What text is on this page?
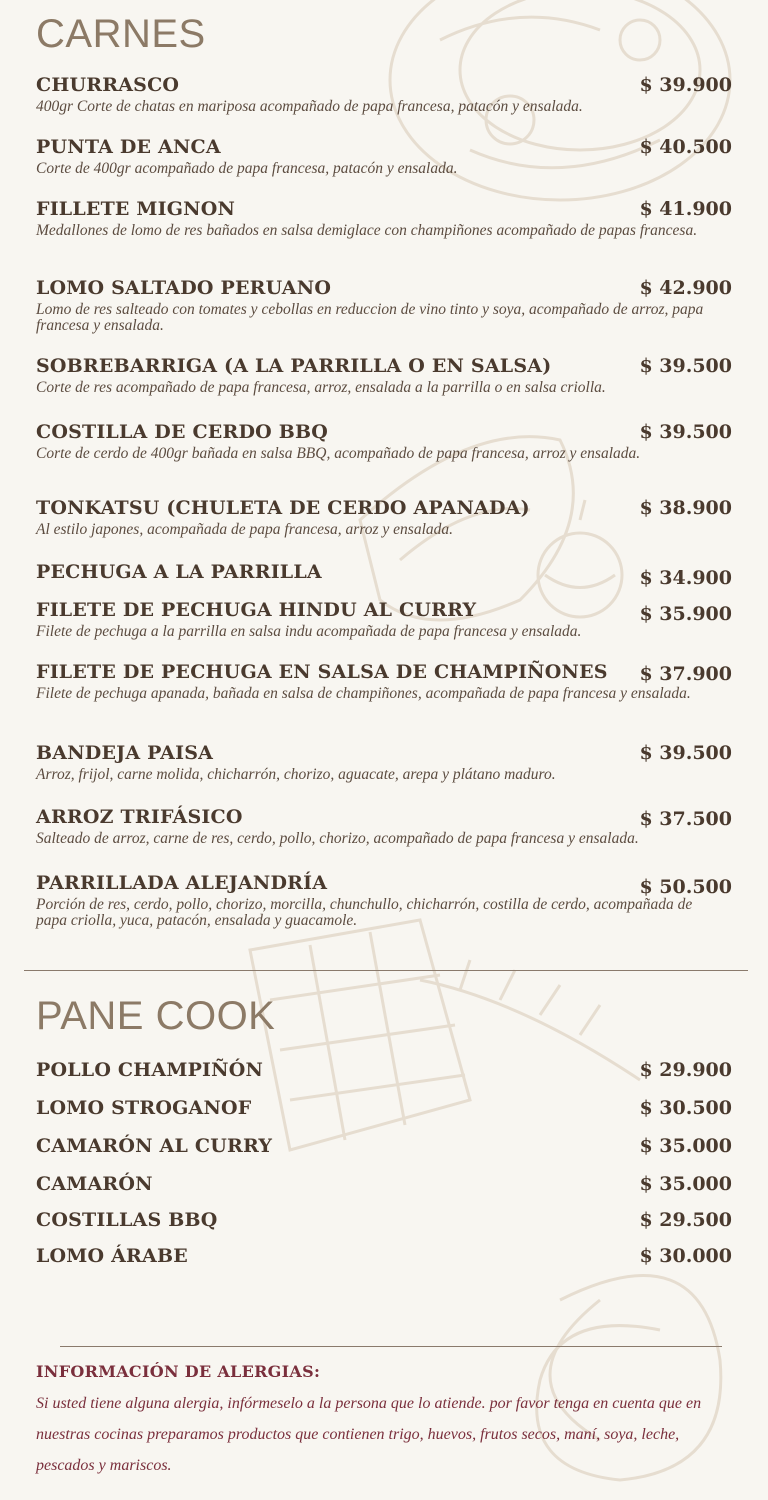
CARNES
CHURRASCO	$ 39.900
400gr Corte de chatas en mariposa acompañado de papa francesa, patacón y ensalada.
PUNTA DE ANCA	$ 40.500
Corte de 400gr acompañado de papa francesa, patacón y ensalada.
FILLETE MIGNON	$ 41.900
Medallones de lomo de res bañados en salsa demiglace con champiñones acompañado de papas francesa.
LOMO SALTADO PERUANO	$ 42.900
Lomo de res salteado con tomates y cebollas en reduccion de vino tinto y soya, acompañado de arroz, papa francesa y ensalada.
SOBREBARRIGA (A LA PARRILLA O EN SALSA)	$ 39.500
Corte de res acompañado de papa francesa, arroz, ensalada a la parrilla o en salsa criolla.
COSTILLA DE CERDO BBQ	$ 39.500
Corte de cerdo de 400gr bañada en salsa BBQ, acompañado de papa francesa, arroz y ensalada.
TONKATSU (CHULETA DE CERDO APANADA)	$ 38.900
Al estilo japones, acompañada de papa francesa, arroz y ensalada.
PECHUGA A LA PARRILLA	$ 34.900
FILETE DE PECHUGA HINDU AL CURRY	$ 35.900
Filete de pechuga a la parrilla en salsa indu acompañada de papa francesa y ensalada.
FILETE DE PECHUGA EN SALSA DE CHAMPIÑONES	$ 37.900
Filete de pechuga apanada, bañada en salsa de champiñones, acompañada de papa francesa y ensalada.
BANDEJA PAISA	$ 39.500
Arroz, frijol, carne molida, chicharrón, chorizo, aguacate, arepa y plátano maduro.
ARROZ TRIFÁSICO	$ 37.500
Salteado de arroz, carne de res, cerdo, pollo, chorizo, acompañado de papa francesa y ensalada.
PARRILLADA ALEJANDRÍA	$ 50.500
Porción de res, cerdo, pollo, chorizo, morcilla, chunchullo, chicharrón, costilla de cerdo, acompañada de papa criolla, yuca, patacón, ensalada y guacamole.
PANE COOK
POLLO CHAMPIÑÓN	$ 29.900
LOMO STROGANOF	$ 30.500
CAMARÓN AL CURRY	$ 35.000
CAMARÓN	$ 35.000
COSTILLAS BBQ	$ 29.500
LOMO ÁRABE	$ 30.000
INFORMACIÓN DE ALERGIAS:
Si usted tiene alguna alergia, infórmeselo a la persona que lo atiende. por favor tenga en cuenta que en nuestras cocinas preparamos productos que contienen trigo, huevos, frutos secos, maní, soya, leche, pescados y mariscos.
